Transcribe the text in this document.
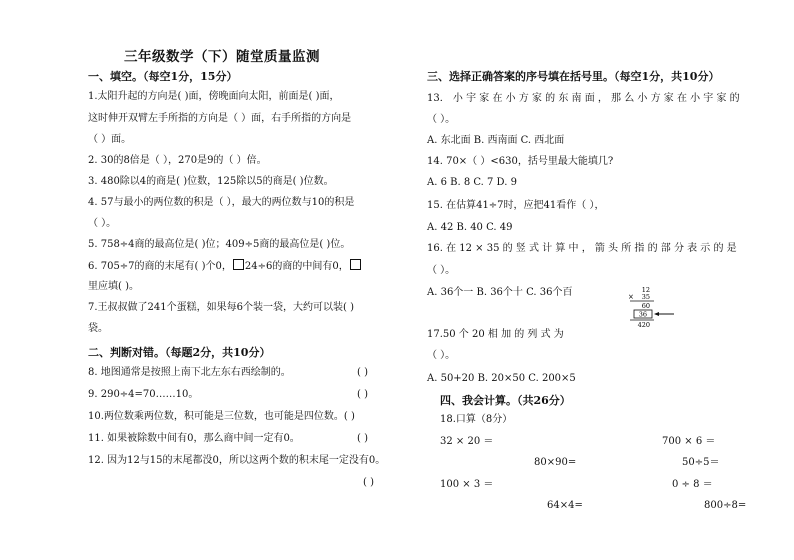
三年级数学（下）随堂质量监测
一、填空。（每空1分，15分）
1.太阳升起的方向是( )面，傍晚面向太阳，前面是( )面，
这时伸开双臂左手所指的方向是（ ）面，右手所指的方向是
（ ）面。
2. 30的8倍是（ ），270是9的（ ）倍。
3. 480除以4的商是( )位数，125除以5的商是( )位数。
4. 57与最小的两位数的积是（ ），最大的两位数与10的积是
（ ）。
5. 758÷4商的最高位是( )位；409÷5商的最高位是( )位。
6. 705÷7的商的末尾有( )个0， 24÷6的商的中间有0，
里应填( )。
7.王叔叔做了241个蛋糕，如果每6个装一袋，大约可以装( )
袋。
二、判断对错。（每题2分，共10分）
8. 地图通常是按照上南下北左东右西绘制的。	( )
9. 290÷4=70……10。	( )
10.两位数乘两位数，积可能是三位数，也可能是四位数。( )
11. 如果被除数中间有0，那么商中间一定有0。	( )
12. 因为12与15的末尾都没0，所以这两个数的积末尾一定没有0。
( )
三、选择正确答案的序号填在括号里。（每空1分，共10分）
13． 小 宇 家 在 小 方 家 的 东 南 面 ， 那 么 小 方 家 在 小 宇 家 的
（ ）。
A. 东北面 B. 西南面 C. 西北面
14. 70×（ ）<630，括号里最大能填几?
A. 6 B. 8 C. 7 D. 9
15. 在估算41÷7时，应把41看作（ ），
A. 42 B. 40 C. 49
16. 在 12 × 35 的 竖 式 计 算 中 ， 箭 头 所 指 的 部 分 表 示 的 是
（ ）。
A. 36个一 B. 36个十 C. 36个百	12
× 35
60
36
420
17.50 个 20 相 加 的 列 式 为
（ ）。
A. 50+20 B. 20×50 C. 200×5
四、我会计算。（共26分）
18.口算（8分）
32 × 20 ＝	700 × 6 ＝
80×90=	50÷5＝
100 × 3 ＝	0 ÷ 8 ＝
64×4=	800÷8=
